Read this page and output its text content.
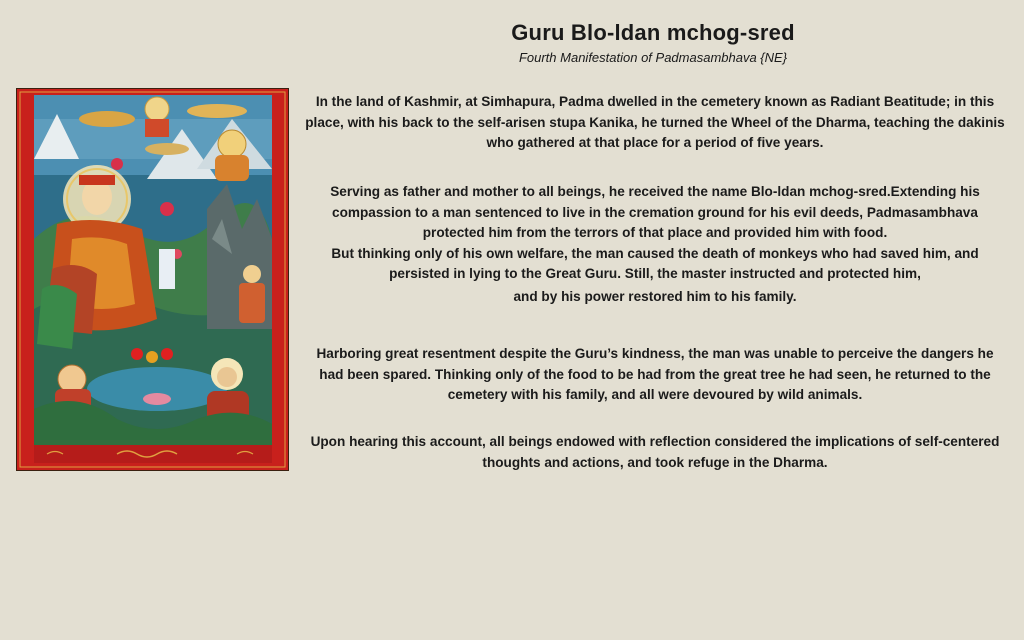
Guru Blo-ldan mchog-sred
Fourth Manifestation of Padmasambhava {NE}

In the land of Kashmir, at Simhapura, Padma dwelled in the cemetery known as Radiant Beatitude; in this place, with his back to the self-arisen stupa Kanika, he turned the Wheel of the Dharma, teaching the dakinis who gathered at that place for a period of five years.

Serving as father and mother to all beings, he received the name Blo-ldan mchog-sred.Extending his compassion to a man sentenced to live in the cremation ground for his evil deeds, Padmasambhava protected him from the terrors of that place and provided him with food.
But thinking only of his own welfare, the man caused the death of monkeys who had saved him, and persisted in lying to the Great Guru. Still, the master instructed and protected him,
and by his power restored him to his family.

Harboring great resentment despite the Guru’s kindness, the man was unable to perceive the dangers he had been spared. Thinking only of the food to be had from the great tree he had seen, he returned to the cemetery with his family, and all were devoured by wild animals.

Upon hearing this account, all beings endowed with reflection considered the implications of self-centered thoughts and actions, and took refuge in the Dharma.
